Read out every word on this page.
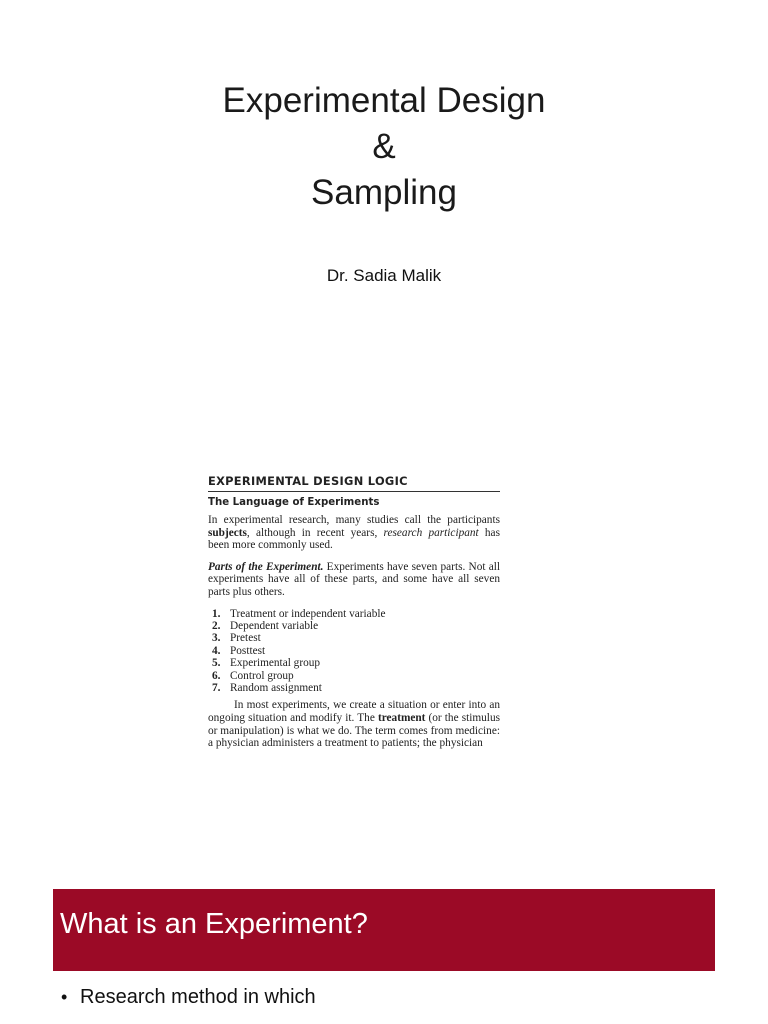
Experimental Design
&
Sampling
Dr. Sadia Malik
EXPERIMENTAL DESIGN LOGIC
The Language of Experiments

In experimental research, many studies call the participants subjects, although in recent years, research participant has been more commonly used.

Parts of the Experiment. Experiments have seven parts. Not all experiments have all of these parts, and some have all seven parts plus others.

1. Treatment or independent variable
2. Dependent variable
3. Pretest
4. Posttest
5. Experimental group
6. Control group
7. Random assignment

In most experiments, we create a situation or enter into an ongoing situation and modify it. The treatment (or the stimulus or manipulation) is what we do. The term comes from medicine: a physician administers a treatment to patients; the physician

What is an Experiment?
• Research method in which
